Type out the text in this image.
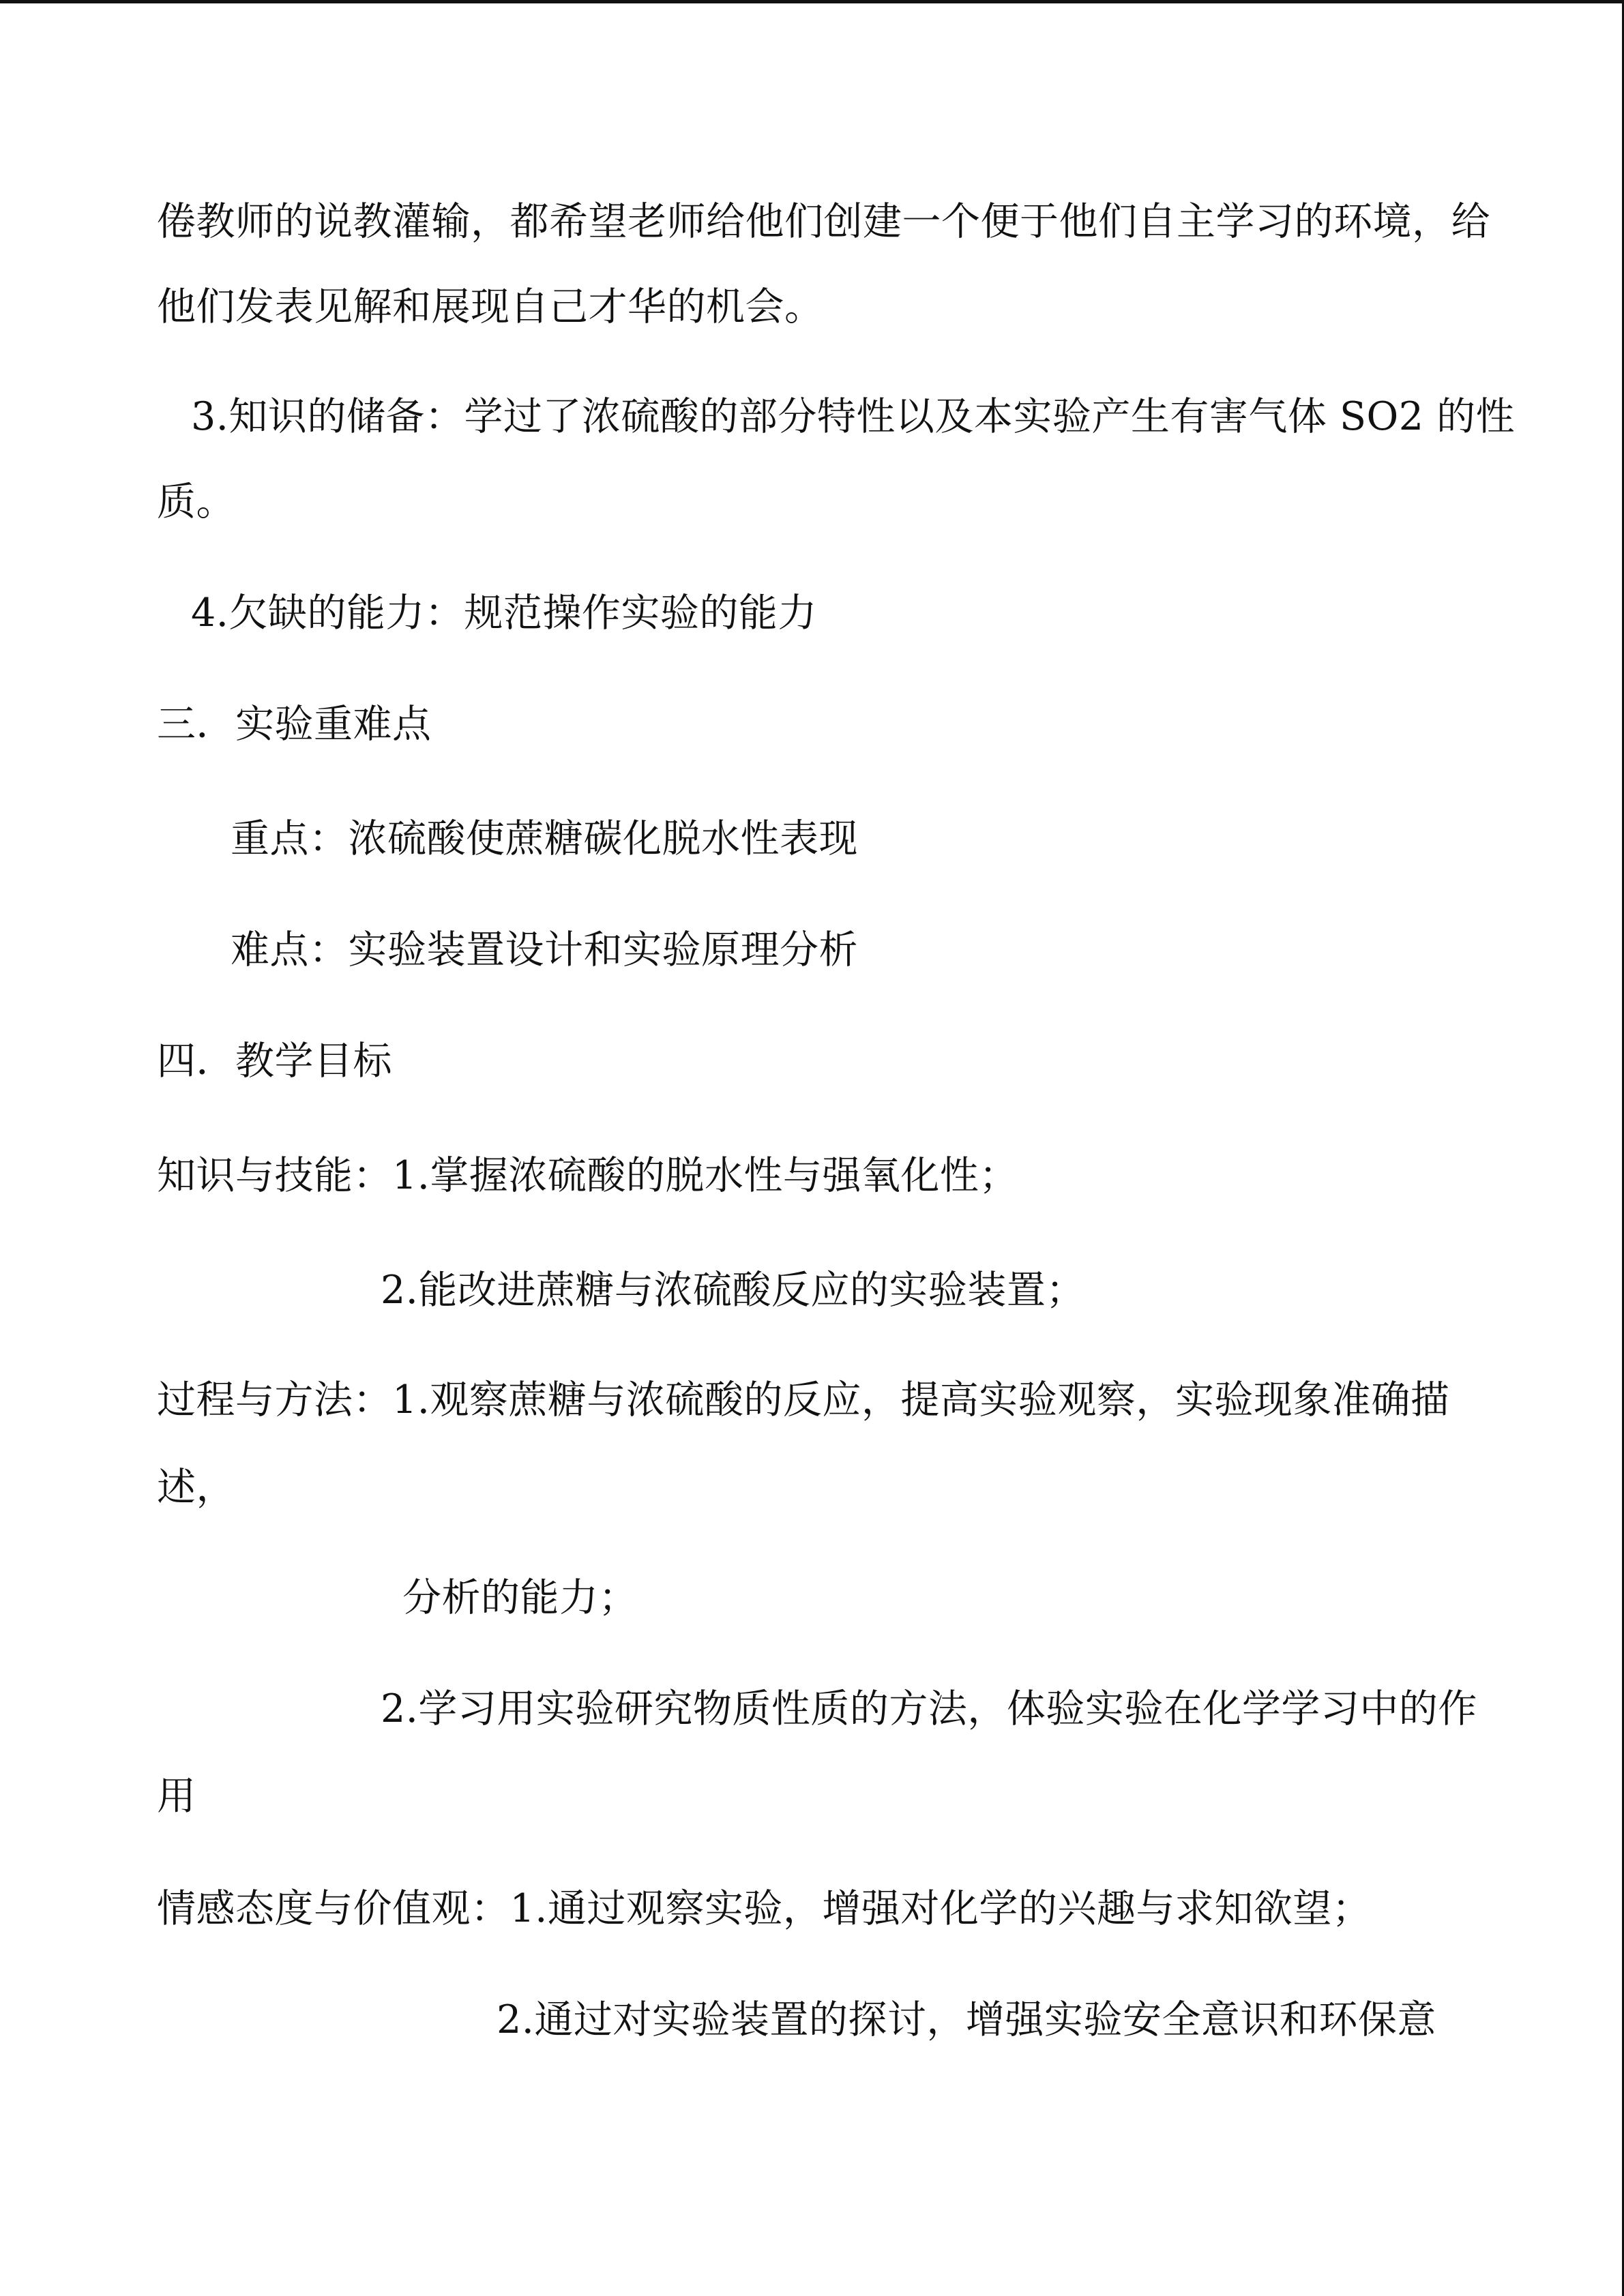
倦教师的说教灌输，都希望老师给他们创建一个便于他们自主学习的环境，给
他们发表见解和展现自己才华的机会。
3.知识的储备：学过了浓硫酸的部分特性以及本实验产生有害气体 SO2 的性
质。
4.欠缺的能力：规范操作实验的能力
三．实验重难点
重点：浓硫酸使蔗糖碳化脱水性表现
难点：实验装置设计和实验原理分析
四．教学目标
知识与技能：1.掌握浓硫酸的脱水性与强氧化性；
2.能改进蔗糖与浓硫酸反应的实验装置；
过程与方法：1.观察蔗糖与浓硫酸的反应，提高实验观察，实验现象准确描
述，
分析的能力；
2.学习用实验研究物质性质的方法，体验实验在化学学习中的作
用
情感态度与价值观：1.通过观察实验，增强对化学的兴趣与求知欲望；
2.通过对实验装置的探讨，增强实验安全意识和环保意
